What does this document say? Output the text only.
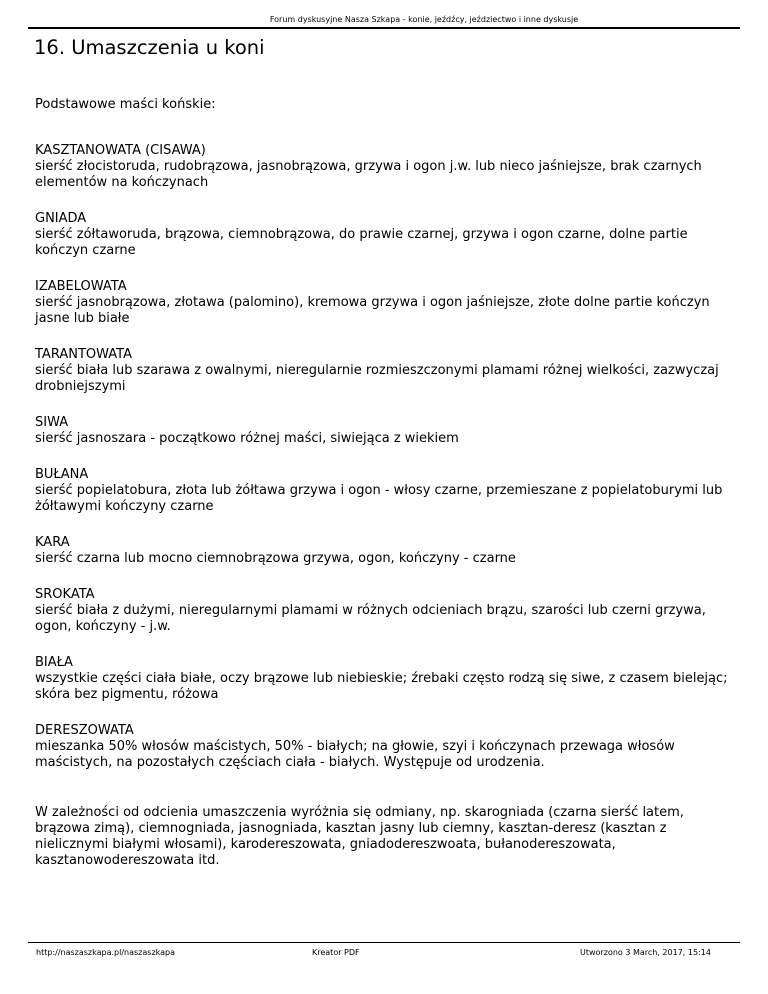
Forum dyskusyjne Nasza Szkapa - konie, jeźdźcy, jeździectwo i inne dyskusje
16. Umaszczenia u koni

Podstawowe maści końskie:

KASZTANOWATA (CISAWA)
sierść złocistoruda, rudobrązowa, jasnobrązowa, grzywa i ogon j.w. lub nieco jaśniejsze, brak czarnych elementów na kończynach
GNIADA
sierść zółtaworuda, brązowa, ciemnobrązowa, do prawie czarnej, grzywa i ogon czarne, dolne partie kończyn czarne
IZABELOWATA
sierść jasnobrązowa, złotawa (palomino), kremowa grzywa i ogon jaśniejsze, złote dolne partie kończyn jasne lub białe
TARANTOWATA
sierść biała lub szarawa z owalnymi, nieregularnie rozmieszczonymi plamami różnej wielkości, zazwyczaj drobniejszymi
SIWA
sierść jasnoszara - początkowo różnej maści, siwiejąca z wiekiem
BUŁANA
sierść popielatobura, złota lub żółtawa grzywa i ogon - włosy czarne, przemieszane z popielatoburymi lub żółtawymi kończyny czarne
KARA
sierść czarna lub mocno ciemnobrązowa grzywa, ogon, kończyny - czarne
SROKATA
sierść biała z dużymi, nieregularnymi plamami w różnych odcieniach brązu, szarości lub czerni grzywa, ogon, kończyny - j.w.
BIAŁA
wszystkie części ciała białe, oczy brązowe lub niebieskie; źrebaki często rodzą się siwe, z czasem bielejąc; skóra bez pigmentu, różowa
DERESZOWATA
mieszanka 50% włosów maścistych, 50% - białych; na głowie, szyi i kończynach przewaga włosów maścistych, na pozostałych częściach ciała - białych. Występuje od urodzenia.

W zależności od odcienia umaszczenia wyróżnia się odmiany, np. skarogniada (czarna sierść latem, brązowa zimą), ciemnogniada, jasnogniada, kasztan jasny lub ciemny, kasztan-deresz (kasztan z nielicznymi białymi włosami), karodereszowata, gniadodereszwoata, bułanodereszowata, kasztanowodereszowata itd.

http://naszaszkapa.pl/naszaszkapa	Kreator PDF	Utworzono 3 March, 2017, 15:14
